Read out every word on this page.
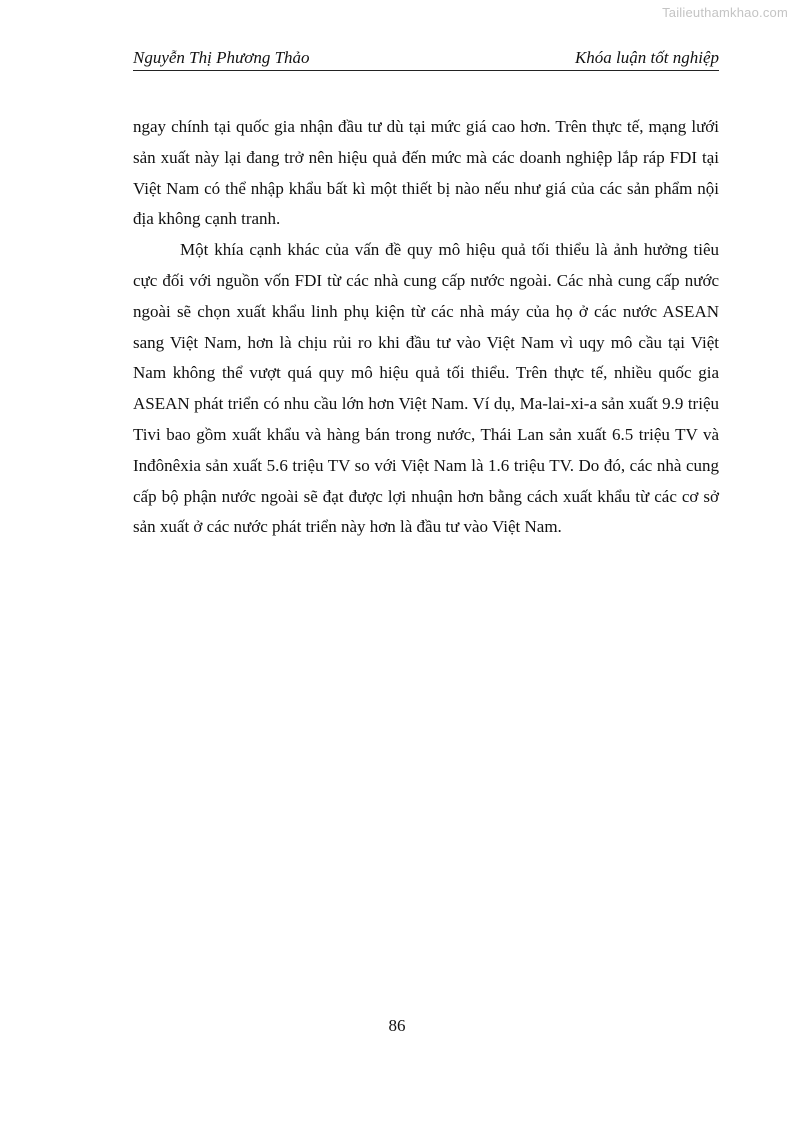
Tailieuthamkhao.com
Nguyễn Thị Phương Thảo	Khóa luận tốt nghiệp

ngay chính tại quốc gia nhận đầu tư dù tại mức giá cao hơn. Trên thực tế, mạng lưới sản xuất này lại đang trở nên hiệu quả đến mức mà các doanh nghiệp lắp ráp FDI tại Việt Nam có thể nhập khẩu bất kì một thiết bị nào nếu như giá của các sản phẩm nội địa không cạnh tranh.

Một khía cạnh khác của vấn đề quy mô hiệu quả tối thiểu là ảnh hưởng tiêu cực đối với nguồn vốn FDI từ các nhà cung cấp nước ngoài. Các nhà cung cấp nước ngoài sẽ chọn xuất khẩu linh phụ kiện từ các nhà máy của họ ở các nước ASEAN sang Việt Nam, hơn là chịu rủi ro khi đầu tư vào Việt Nam vì uqy mô cầu tại Việt Nam không thể vượt quá quy mô hiệu quả tối thiểu. Trên thực tế, nhiều quốc gia ASEAN phát triển có nhu cầu lớn hơn Việt Nam. Ví dụ, Ma-lai-xi-a sản xuất 9.9 triệu Tivi bao gồm xuất khẩu và hàng bán trong nước, Thái Lan sản xuất 6.5 triệu TV và Inđônêxia sản xuất 5.6 triệu TV so với Việt Nam là 1.6 triệu TV. Do đó, các nhà cung cấp bộ phận nước ngoài sẽ đạt được lợi nhuận hơn bằng cách xuất khẩu từ các cơ sở sản xuất ở các nước phát triển này hơn là đầu tư vào Việt Nam.

86
